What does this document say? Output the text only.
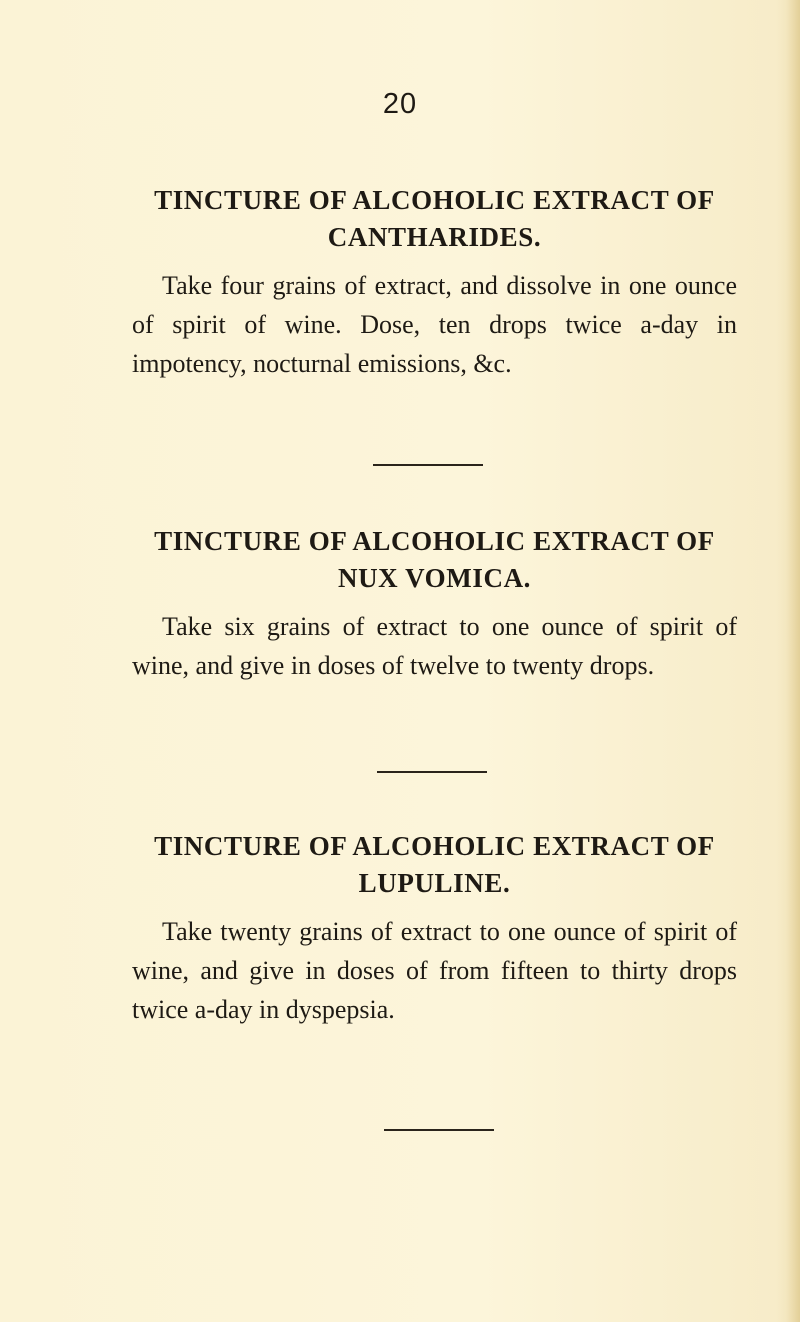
20
TINCTURE OF ALCOHOLIC EXTRACT OF
CANTHARIDES.

Take four grains of extract, and dissolve in one ounce of spirit of wine. Dose, ten drops twice a-day in impotency, nocturnal emissions, &c.

TINCTURE OF ALCOHOLIC EXTRACT OF
NUX VOMICA.

Take six grains of extract to one ounce of spirit of wine, and give in doses of twelve to twenty drops.

TINCTURE OF ALCOHOLIC EXTRACT OF
LUPULINE.

Take twenty grains of extract to one ounce of spirit of wine, and give in doses of from fifteen to thirty drops twice a-day in dyspepsia.
